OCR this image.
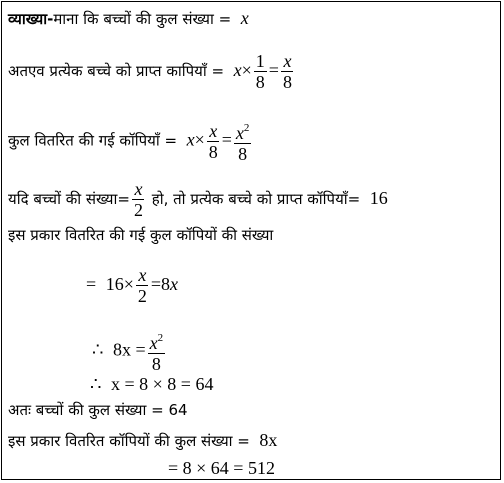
व्याख्या-माना कि बच्चों की कुल संख्या = x
अतएव प्रत्येक बच्चे को प्राप्त कापियाँ = $x\times \frac{1}{8} = \frac{x}{8}$
कुल वितरित की गई कॉपियाँ = $x\times \frac{x}{8} = \frac{x^2}{8}$
यदि बच्चों की संख्या= $\frac{x}{2}$ हो, तो प्रत्येक बच्चे को प्राप्त कॉपियाँ= 16
इस प्रकार वितरित की गई कुल कॉपियों की संख्या
= $16\times \frac{x}{2} =8x$
∴ $8x = \frac{x^2}{8}$
∴ x = 8 × 8 = 64
अतः बच्चों की कुल संख्या = 64
इस प्रकार वितरित कॉपियों की कुल संख्या = 8x
= 8 × 64 = 512
